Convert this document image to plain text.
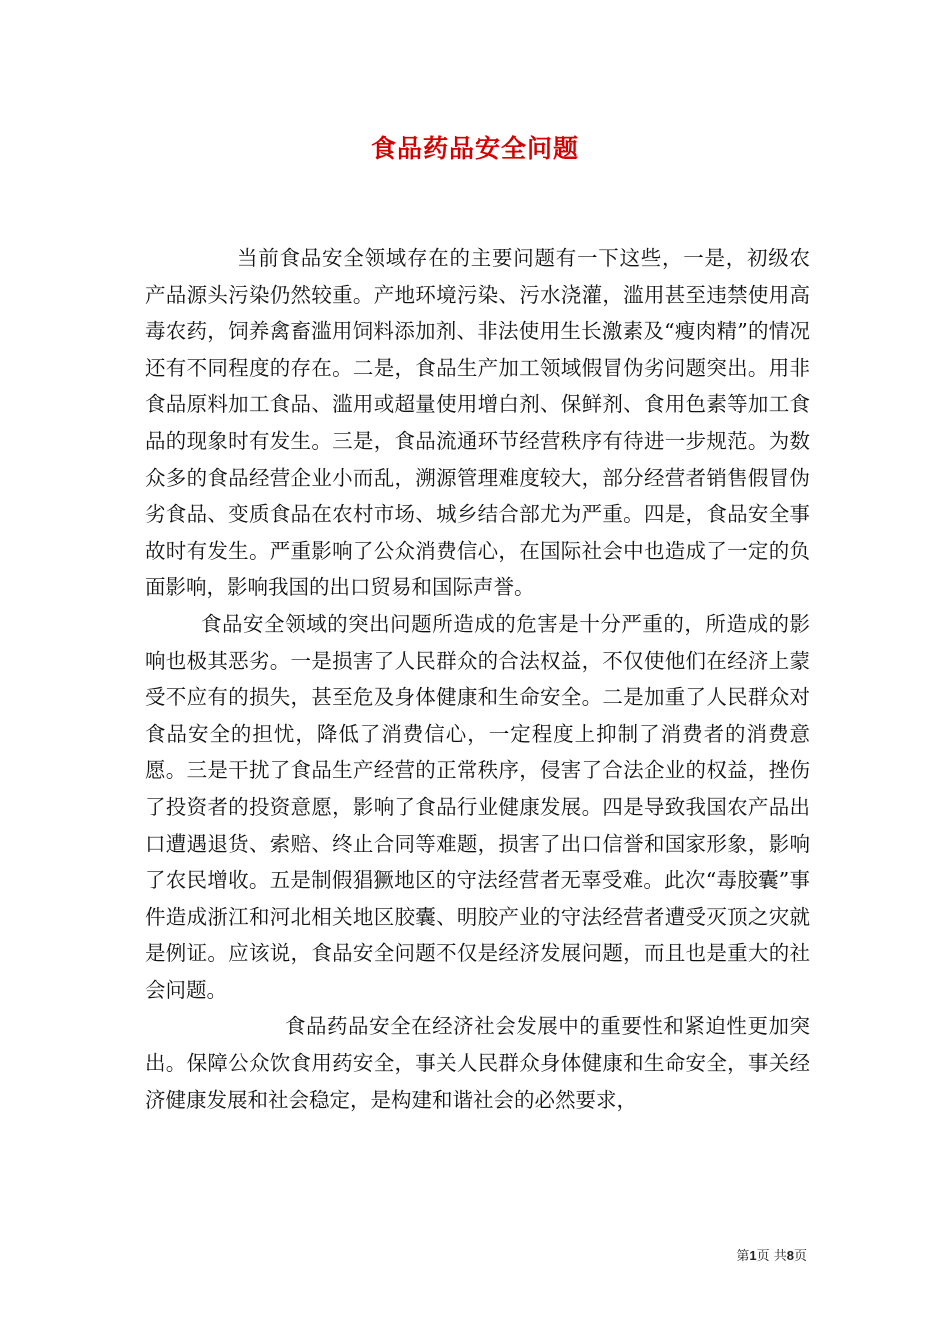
食品药品安全问题

当前食品安全领域存在的主要问题有一下这些，一是，初级农产品源头污染仍然较重。产地环境污染、污水浇灌，滥用甚至违禁使用高毒农药，饲养禽畜滥用饲料添加剂、非法使用生长激素及“瘦肉精”的情况还有不同程度的存在。二是，食品生产加工领域假冒伪劣问题突出。用非食品原料加工食品、滥用或超量使用增白剂、保鲜剂、食用色素等加工食品的现象时有发生。三是，食品流通环节经营秩序有待进一步规范。为数众多的食品经营企业小而乱，溯源管理难度较大，部分经营者销售假冒伪劣食品、变质食品在农村市场、城乡结合部尤为严重。四是，食品安全事故时有发生。严重影响了公众消费信心，在国际社会中也造成了一定的负面影响，影响我国的出口贸易和国际声誉。

食品安全领域的突出问题所造成的危害是十分严重的，所造成的影响也极其恶劣。一是损害了人民群众的合法权益，不仅使他们在经济上蒙受不应有的损失，甚至危及身体健康和生命安全。二是加重了人民群众对食品安全的担忧，降低了消费信心，一定程度上抑制了消费者的消费意愿。三是干扰了食品生产经营的正常秩序，侵害了合法企业的权益，挫伤了投资者的投资意愿，影响了食品行业健康发展。四是导致我国农产品出口遭遇退货、索赔、终止合同等难题，损害了出口信誉和国家形象，影响了农民增收。五是制假猖獗地区的守法经营者无辜受难。此次“毒胶囊”事件造成浙江和河北相关地区胶囊、明胶产业的守法经营者遭受灭顶之灾就是例证。应该说，食品安全问题不仅是经济发展问题，而且也是重大的社会问题。

食品药品安全在经济社会发展中的重要性和紧迫性更加突出。保障公众饮食用药安全，事关人民群众身体健康和生命安全，事关经济健康发展和社会稳定，是构建和谐社会的必然要求，

第1页 共8页
